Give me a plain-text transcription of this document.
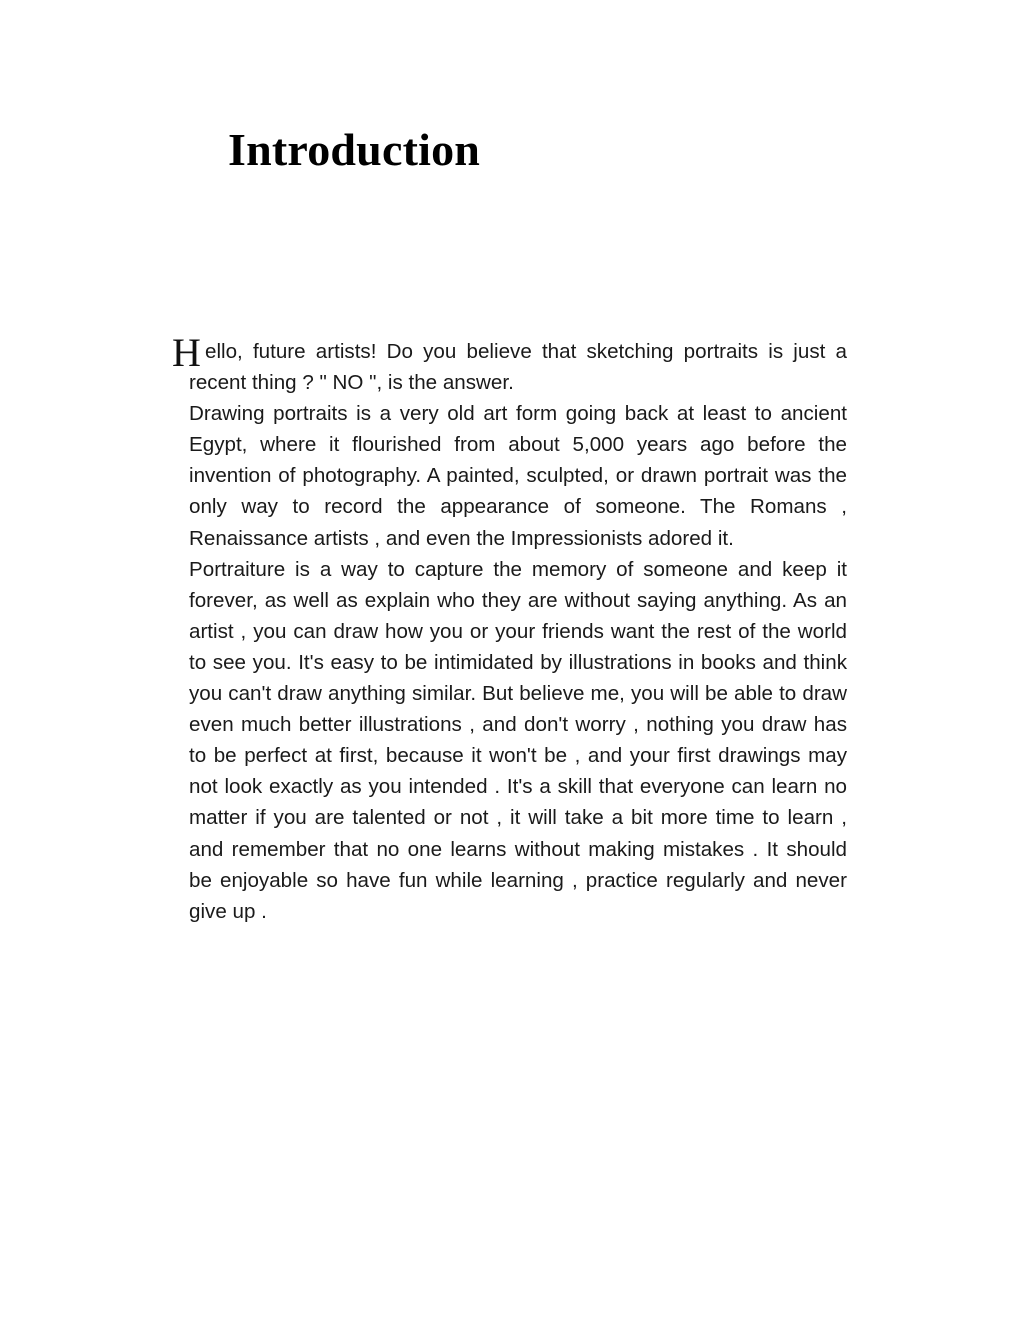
Introduction

H ello, future artists! Do you believe that sketching portraits is just a recent thing ? " NO ", is the answer.

Drawing portraits is a very old art form going back at least to ancient Egypt, where it flourished from about 5,000 years ago before the invention of photography. A painted, sculpted, or drawn portrait was the only way to record the appearance of someone. The Romans , Renaissance artists , and even the Impressionists adored it.

Portraiture is a way to capture the memory of someone and keep it forever, as well as explain who they are without saying anything. As an artist , you can draw how you or your friends want the rest of the world to see you. It's easy to be intimidated by illustrations in books and think you can't draw anything similar. But believe me, you will be able to draw even much better illustrations , and don't worry , nothing you draw has to be perfect at first, because it won't be , and your first drawings may not look exactly as you intended . It's a skill that everyone can learn no matter if you are talented or not , it will take a bit more time to learn , and remember that no one learns without making mistakes . It should be enjoyable so have fun while learning , practice regularly and never give up .
